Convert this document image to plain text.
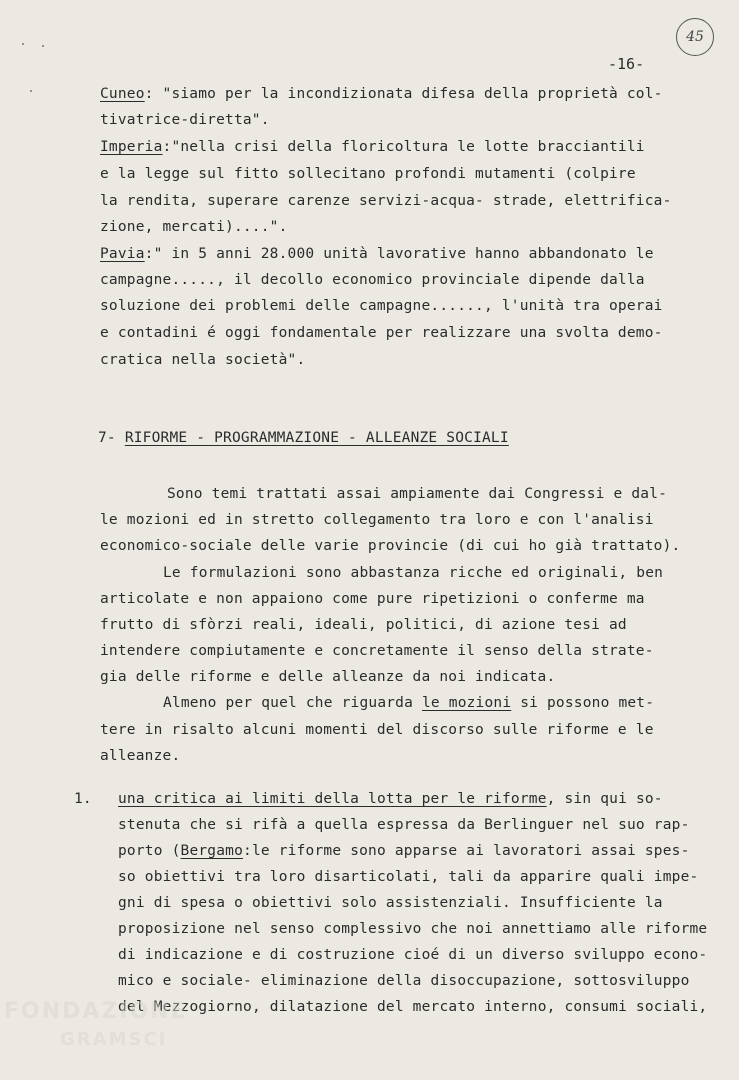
-16-
45
Cuneo: "siamo per la incondizionata difesa della proprietà col-
tivatrice-diretta".
Imperia:"nella crisi della floricoltura le lotte bracciantili
e la legge sul fitto sollecitano profondi mutamenti (colpire
la rendita, superare carenze servizi-acqua- strade, elettrifica-
zione, mercati)....".
Pavia:" in 5 anni 28.000 unità lavorative hanno abbandonato le
campagne....., il decollo economico provinciale dipende dalla
soluzione dei problemi delle campagne......, l'unità tra operai
e contadini é oggi fondamentale per realizzare una svolta demo-
cratica nella società".
7- RIFORME - PROGRAMMAZIONE - ALLEANZE SOCIALI
Sono temi trattati assai ampiamente dai Congressi e dal-
le mozioni ed in stretto collegamento tra loro e con l'analisi
economico-sociale delle varie provincie (di cui ho già trattato).
Le formulazioni sono abbastanza ricche ed originali, ben
articolate e non appaiono come pure ripetizioni o conferme ma
frutto di sfòrzi reali, ideali, politici, di azione tesi ad
intendere compiutamente e concretamente il senso della strate-
gia delle riforme e delle alleanze da noi indicata.
Almeno per quel che riguarda le mozioni si possono met-
tere in risalto alcuni momenti del discorso sulle riforme e le
alleanze.
1. una critica ai limiti della lotta per le riforme, sin qui so-
stenuta che si rifà a quella espressa da Berlinguer nel suo rap-
porto (Bergamo:le riforme sono apparse ai lavoratori assai spes-
so obiettivi tra loro disarticolati, tali da apparire quali impe-
gni di spesa o obiettivi solo assistenziali. Insufficiente la
proposizione nel senso complessivo che noi annettiamo alle riforme
di indicazione e di costruzione cioé di un diverso sviluppo econo-
mico e sociale- eliminazione della disoccupazione, sottosviluppo
del Mezzogiorno, dilatazione del mercato interno, consumi sociali,
FONDAZIONE
GRAMSCI
